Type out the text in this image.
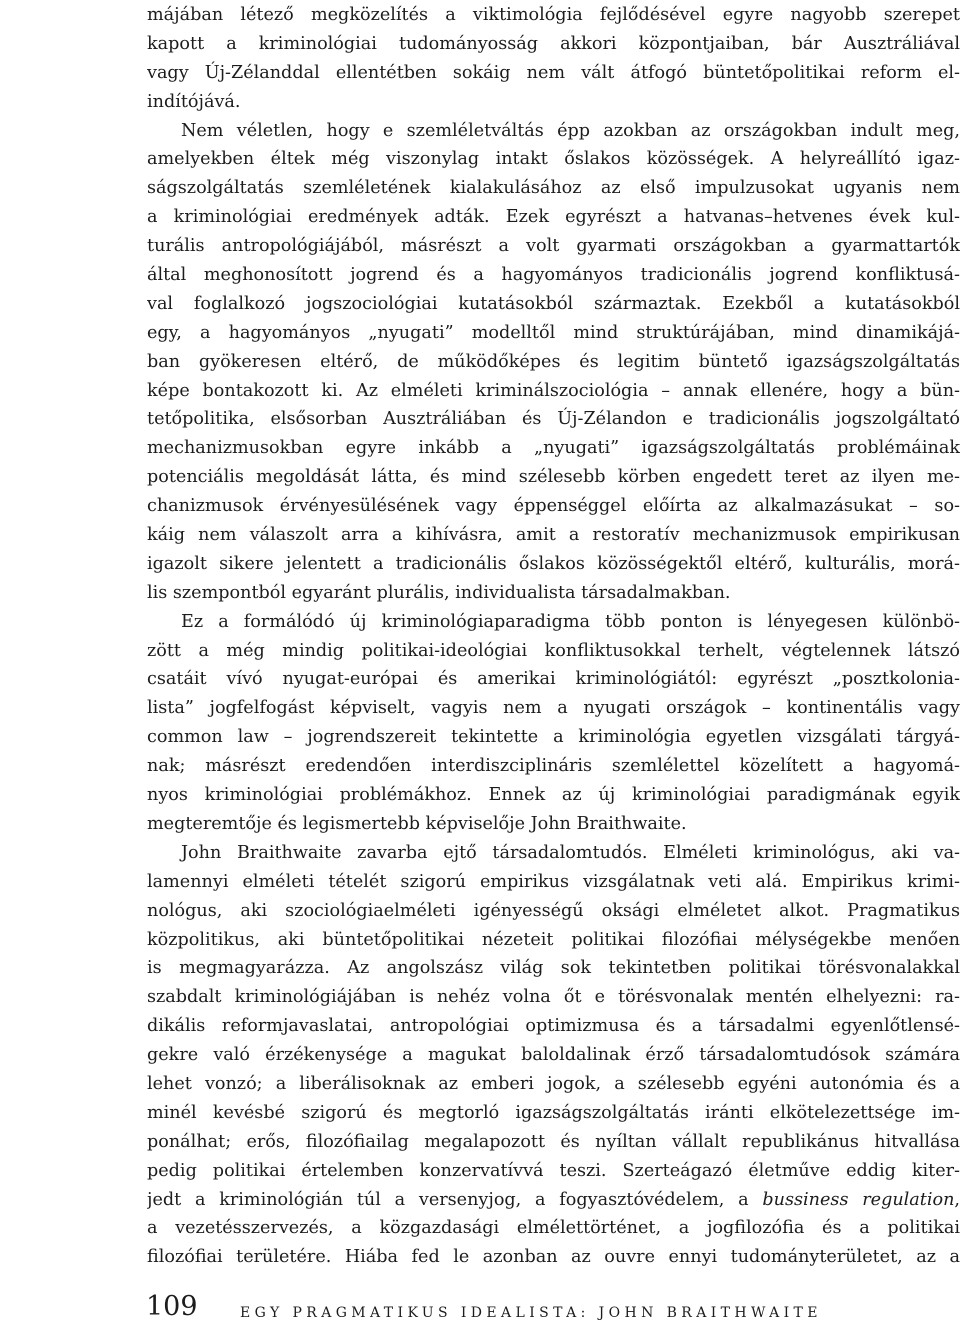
májában létező megközelítés a viktimológia fejlődésével egyre nagyobb szerepet
kapott a kriminológiai tudományosság akkori központjaiban, bár Ausztráliával
vagy Új-Zélanddal ellentétben sokáig nem vált átfogó büntetőpolitikai reform el-
indítójává.
Nem véletlen, hogy e szemléletváltás épp azokban az országokban indult meg,
amelyekben éltek még viszonylag intakt őslakos közösségek. A helyreállító igaz-
ságszolgáltatás szemléletének kialakulásához az első impulzusokat ugyanis nem
a kriminológiai eredmények adták. Ezek egyrészt a hatvanas–hetvenes évek kul-
turális antropológiájából, másrészt a volt gyarmati országokban a gyarmattartók
által meghonosított jogrend és a hagyományos tradicionális jogrend konfliktusá-
val foglalkozó jogszociológiai kutatásokból származtak. Ezekből a kutatásokból
egy, a hagyományos „nyugati” modelltől mind struktúrájában, mind dinamikájá-
ban gyökeresen eltérő, de működőképes és legitim büntető igazságszolgáltatás
képe bontakozott ki. Az elméleti kriminálszociológia – annak ellenére, hogy a bün-
tetőpolitika, elsősorban Ausztráliában és Új-Zélandon e tradicionális jogszolgáltató
mechanizmusokban egyre inkább a „nyugati” igazságszolgáltatás problémáinak
potenciális megoldását látta, és mind szélesebb körben engedett teret az ilyen me-
chanizmusok érvényesülésének vagy éppenséggel előírta az alkalmazásukat – so-
káig nem válaszolt arra a kihívásra, amit a restoratív mechanizmusok empirikusan
igazolt sikere jelentett a tradicionális őslakos közösségektől eltérő, kulturális, morá-
lis szempontból egyaránt plurális, individualista társadalmakban.
Ez a formálódó új kriminológiaparadigma több ponton is lényegesen különbö-
zött a még mindig politikai-ideológiai konfliktusokkal terhelt, végtelennek látszó
csatáit vívó nyugat-európai és amerikai kriminológiától: egyrészt „posztkolonia-
lista” jogfelfogást képviselt, vagyis nem a nyugati országok – kontinentális vagy
common law – jogrendszereit tekintette a kriminológia egyetlen vizsgálati tárgyá-
nak; másrészt eredendően interdiszciplináris szemlélettel közelített a hagyomá-
nyos kriminológiai problémákhoz. Ennek az új kriminológiai paradigmának egyik
megteremtője és legismertebb képviselője John Braithwaite.
John Braithwaite zavarba ejtő társadalomtudós. Elméleti kriminológus, aki va-
lamennyi elméleti tételét szigorú empirikus vizsgálatnak veti alá. Empirikus krimi-
nológus, aki szociológiaelméleti igényességű oksági elméletet alkot. Pragmatikus
közpolitikus, aki büntetőpolitikai nézeteit politikai filozófiai mélységekbe menően
is megmagyarázza. Az angolszász világ sok tekintetben politikai törésvonalakkal
szabdalt kriminológiájában is nehéz volna őt e törésvonalak mentén elhelyezni: ra-
dikális reformjavaslatai, antropológiai optimizmusa és a társadalmi egyenlőtlensé-
gekre való érzékenysége a magukat baloldalinak érző társadalomtudósok számára
lehet vonzó; a liberálisoknak az emberi jogok, a szélesebb egyéni autonómia és a
minél kevésbé szigorú és megtorló igazságszolgáltatás iránti elkötelezettsége im-
ponálhat; erős, filozófiailag megalapozott és nyíltan vállalt republikánus hitvallása
pedig politikai értelemben konzervatívvá teszi. Szerteágazó életműve eddig kiter-
jedt a kriminológián túl a versenyjog, a fogyasztóvédelem, a bussiness regulation,
a vezetésszervezés, a közgazdasági elmélettörténet, a jogfilozófia és a politikai
filozófiai területére. Hiába fed le azonban az ouvre ennyi tudományterületet, az a
109	EGY PRAGMATIKUS IDEALISTA: JOHN BRAITHWAITE
